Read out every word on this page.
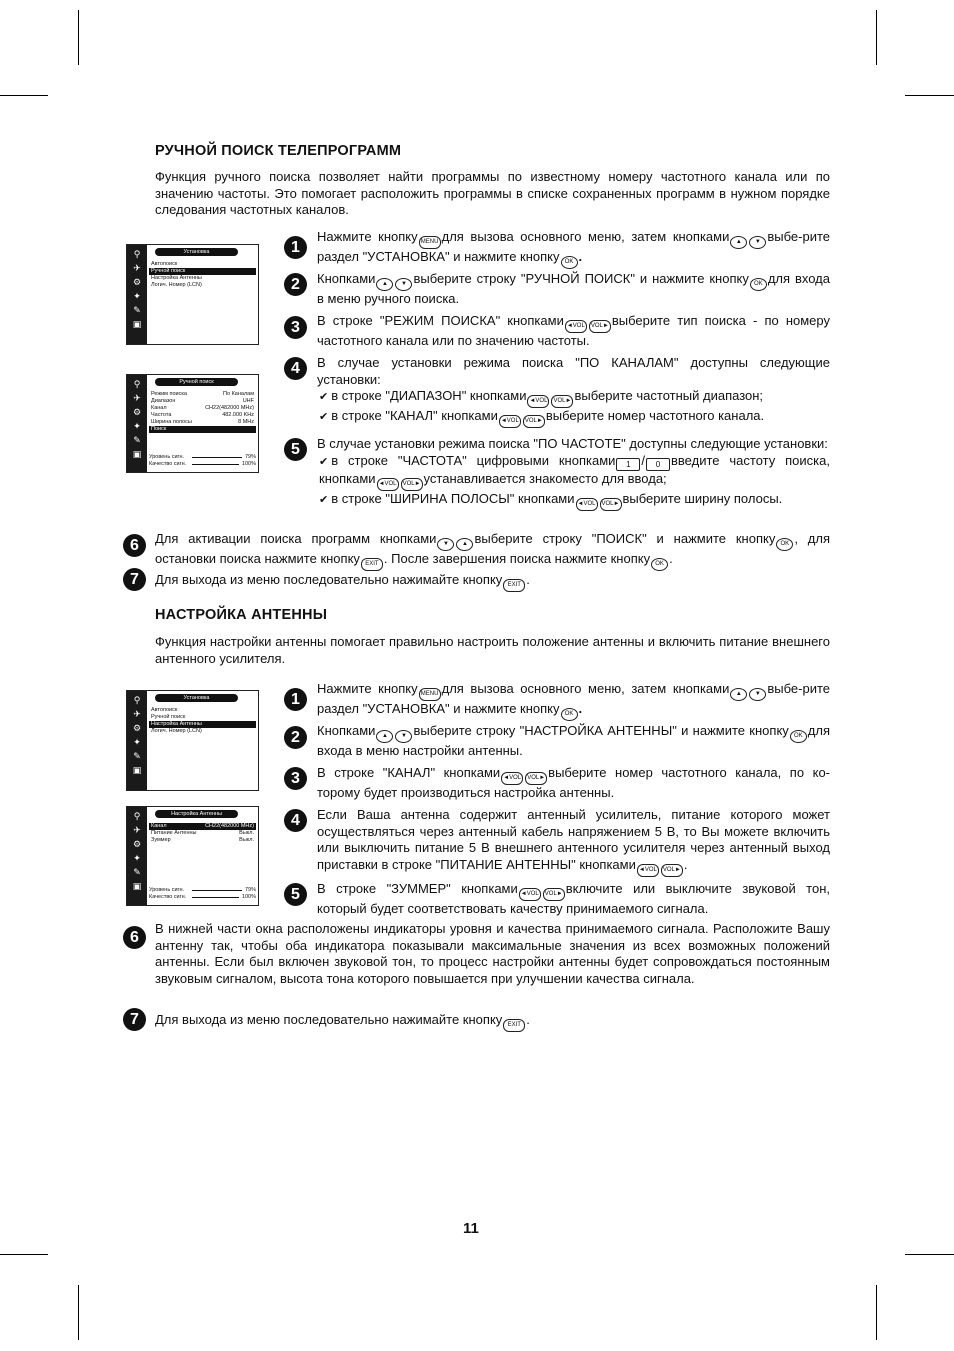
РУЧНОЙ ПОИСК ТЕЛЕПРОГРАММ

Функция ручного поиска позволяет найти программы по известному номеру частотного канала или по значению частоты. Это помогает расположить программы в списке сохраненных программ в нужном порядке следования частотных каналов.

⚲
✈
⚙
✦
✎
▣
Установка
Автопоиск
Ручной поиск
Настройка Антенны
Логич. Номер (LCN)
⚲
✈
⚙
✦
✎
▣
Ручной поиск
Режим поиска	По Каналам
Диапазон	UHF
Канал	CH22(482000 MHz)
Частота	482.000 KHz
Ширина полосы	8 MHz
Поиск
Уровень сигн.	79%
Качество сигн.	100%
1
Нажмите кнопку MENU для вызова основного меню, затем кнопками ▲ ▼ выбе-рите раздел "УСТАНОВКА" и нажмите кнопку OK .
2	Кнопками ▲ ▼ выберите строку "РУЧНОЙ ПОИСК" и нажмите кнопку OK для входа в меню ручного поиска.
3	В строке "РЕЖИМ ПОИСКА" кнопками ◄VOL VOL► выберите тип поиска - по номеру частотного канала или по значению частоты.
4	В случае установки режима поиска "ПО КАНАЛАМ" доступны следующие установки:
✔ в строке "ДИАПАЗОН" кнопками ◄VOL VOL► выберите частотный диапазон;
✔ в строке "КАНАЛ" кнопками ◄VOL VOL► выберите номер частотного канала.
5	В случае установки режима поиска "ПО ЧАСТОТЕ" доступны следующие установки:
✔ в строке "ЧАСТОТА" цифровыми кнопками 1 / 0 введите частоту поиска, кнопками ◄VOL VOL► устанавливается знакоместо для ввода;
✔ в строке "ШИРИНА ПОЛОСЫ" кнопками ◄VOL VOL► выберите ширину полосы.
6	Для активации поиска программ кнопками ▼ ▲ выберите строку "ПОИСК" и нажмите кнопку OK , для остановки поиска нажмите кнопку EXIT . После завершения поиска нажмите кнопку OK .
7	Для выхода из меню последовательно нажимайте кнопку EXIT .
НАСТРОЙКА АНТЕННЫ

Функция настройки антенны помогает правильно настроить положение антенны и включить питание внешнего антенного усилителя.

⚲
✈
⚙
✦
✎
▣
Установка
Автопоиск
Ручной поиск
Настройка Антенны
Логич. Номер (LCN)
⚲
✈
⚙
✦
✎
▣
Настройка Антенны
Канал	CH22(482000 MHz)
Питание Антенны	Выкл.
Зуммер	Выкл.
Уровень сигн.	79%
Качество сигн.	100%
1
Нажмите кнопку MENU для вызова основного меню, затем кнопками ▲ ▼ выбе-рите раздел "УСТАНОВКА" и нажмите кнопку OK .
2	Кнопками ▲ ▼ выберите строку "НАСТРОЙКА АНТЕННЫ" и нажмите кнопку OK для входа в меню настройки антенны.
3	В строке "КАНАЛ" кнопками ◄VOL VOL► выберите номер частотного канала, по ко-торому будет производиться настройка антенны.
4	Если Ваша антенна содержит антенный усилитель, питание которого может осуществляться через антенный кабель напряжением 5 В, то Вы можете включить или выключить питание 5 В внешнего антенного усилителя через антенный выход приставки в строке "ПИТАНИЕ АНТЕННЫ" кнопками ◄VOL VOL► .
5	В строке "ЗУММЕР" кнопками ◄VOL VOL► включите или выключите звуковой тон, который будет соответствовать качеству принимаемого сигнала.
6
В нижней части окна расположены индикаторы уровня и качества принимаемого сигнала. Расположите Вашу антенну так, чтобы оба индикатора показывали максимальные значения из всех возможных положений антенны. Если был включен звуковой тон, то процесс настройки антенны будет сопровождаться постоянным звуковым сигналом, высота тона которого повышается при улучшении качества сигнала.
7	Для выхода из меню последовательно нажимайте кнопку EXIT .
11
